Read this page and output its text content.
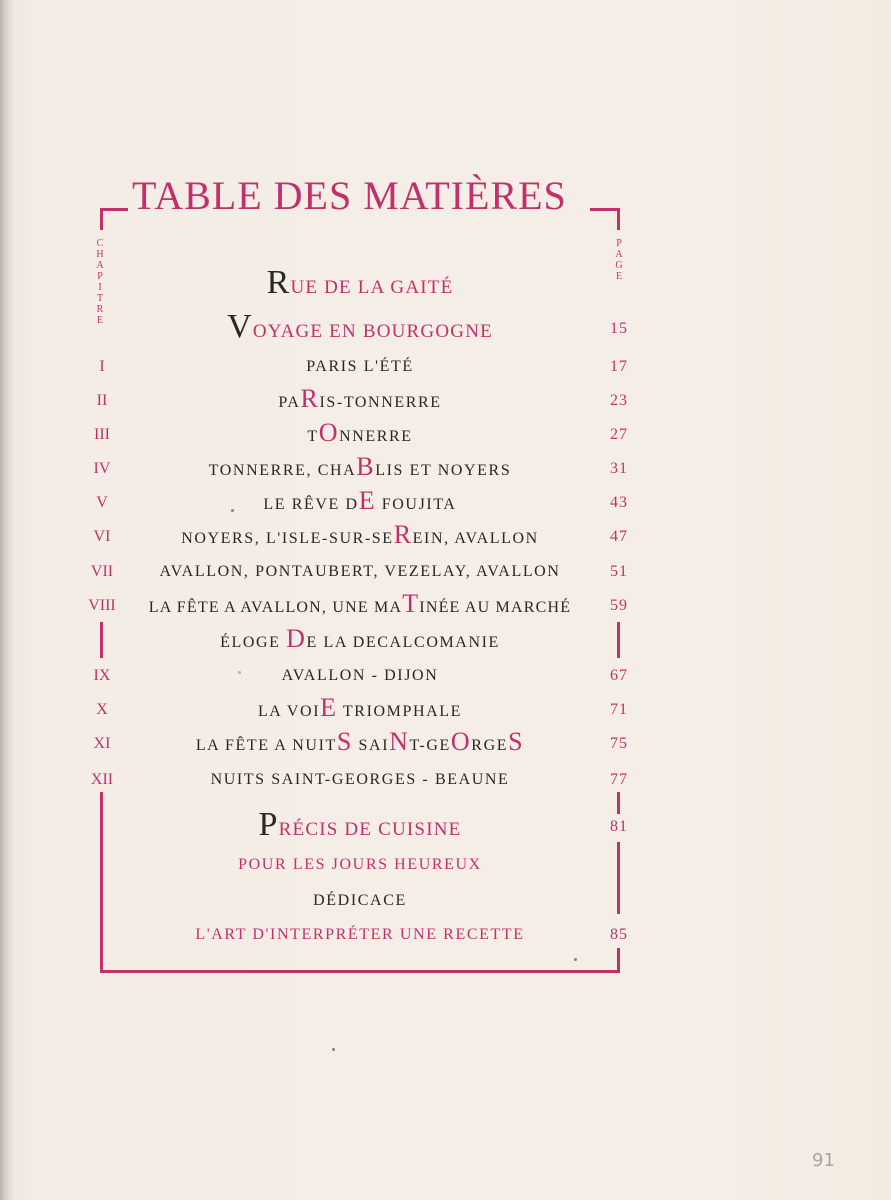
TABLE DES MATIÈRES
C
H
A
P
I
T
R
E
P
A
G
E
RUE DE LA GAITÉ
VOYAGE EN BOURGOGNE	15
I	PARIS L'ÉTÉ	17
II	PARIS-TONNERRE	23
III	TONNERRE	27
IV	TONNERRE, CHABLIS ET NOYERS	31
V	LE RÊVE DE FOUJITA	43
VI	NOYERS, L'ISLE-SUR-SEREIN, AVALLON	47
VII	AVALLON, PONTAUBERT, VEZELAY, AVALLON	51
VIII	LA FÊTE A AVALLON, UNE MATINÉE AU MARCHÉ	59
ÉLOGE DE LA DECALCOMANIE
IX	AVALLON - DIJON	67
X	LA VOIE TRIOMPHALE	71
XI	LA FÊTE A NUITS SAINT-GEORGES	75
XII	NUITS SAINT-GEORGES - BEAUNE	77
PRÉCIS DE CUISINE	81
POUR LES JOURS HEUREUX
DÉDICACE
L'ART D'INTERPRÉTER UNE RECETTE	85
91
